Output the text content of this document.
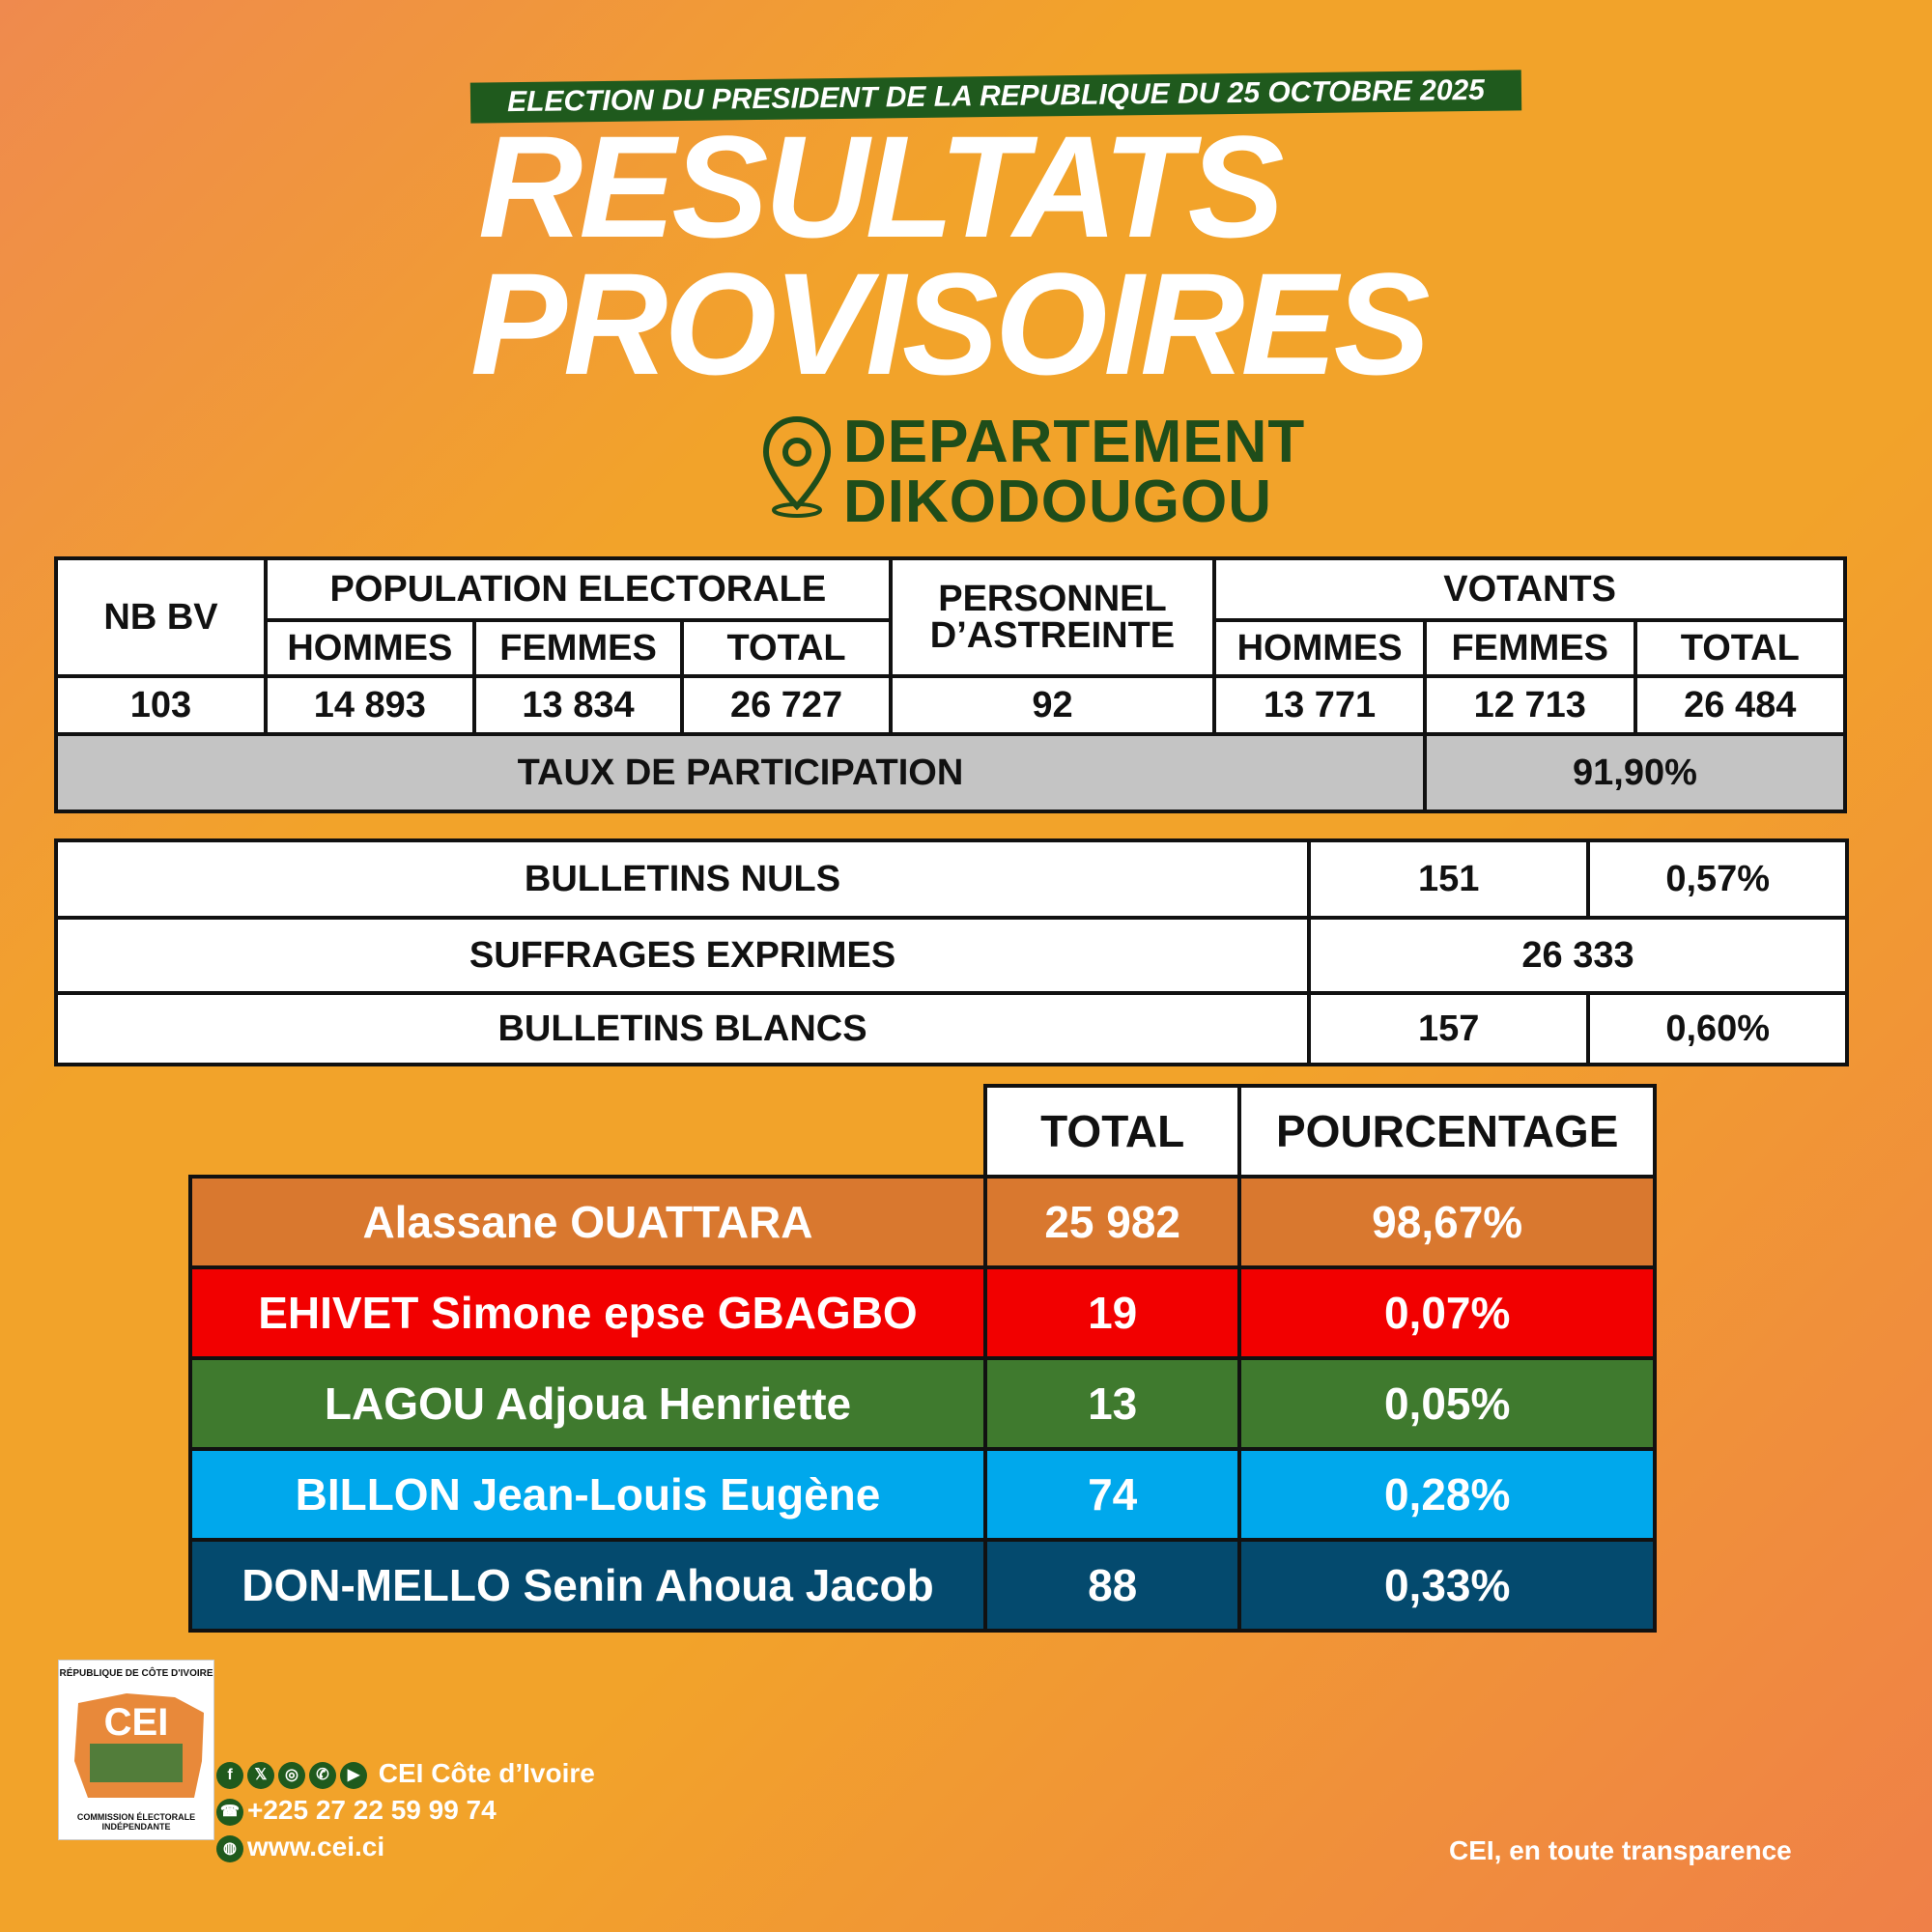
ELECTION DU PRESIDENT DE LA REPUBLIQUE DU 25 OCTOBRE 2025
RESULTATS
PROVISOIRES
DEPARTEMENT
DIKODOUGOU
NB BV	POPULATION ELECTORALE			PERSONNEL D’ASTREINTE	VOTANTS		
	HOMMES	FEMMES	TOTAL		HOMMES	FEMMES	TOTAL
103	14 893	13 834	26 727	92	13 771	12 713	26 484
TAUX DE PARTICIPATION						91,90%	
BULLETINS NULS	151	0,57%
SUFFRAGES EXPRIMES	26 333	
BULLETINS BLANCS	157	0,60%
	TOTAL	POURCENTAGE
Alassane OUATTARA	25 982	98,67%
EHIVET Simone epse GBAGBO	19	0,07%
LAGOU Adjoua Henriette	13	0,05%
BILLON Jean-Louis Eugène	74	0,28%
DON-MELLO Senin Ahoua Jacob	88	0,33%
RÉPUBLIQUE DE CÔTE D'IVOIRE
CEI
COMMISSION ÉLECTORALE INDÉPENDANTE
f 𝕏 ◎ ✆ ▶ CEI Côte d’Ivoire
☎ +225 27 22 59 99 74
◍ www.cei.ci	CEI, en toute transparence
